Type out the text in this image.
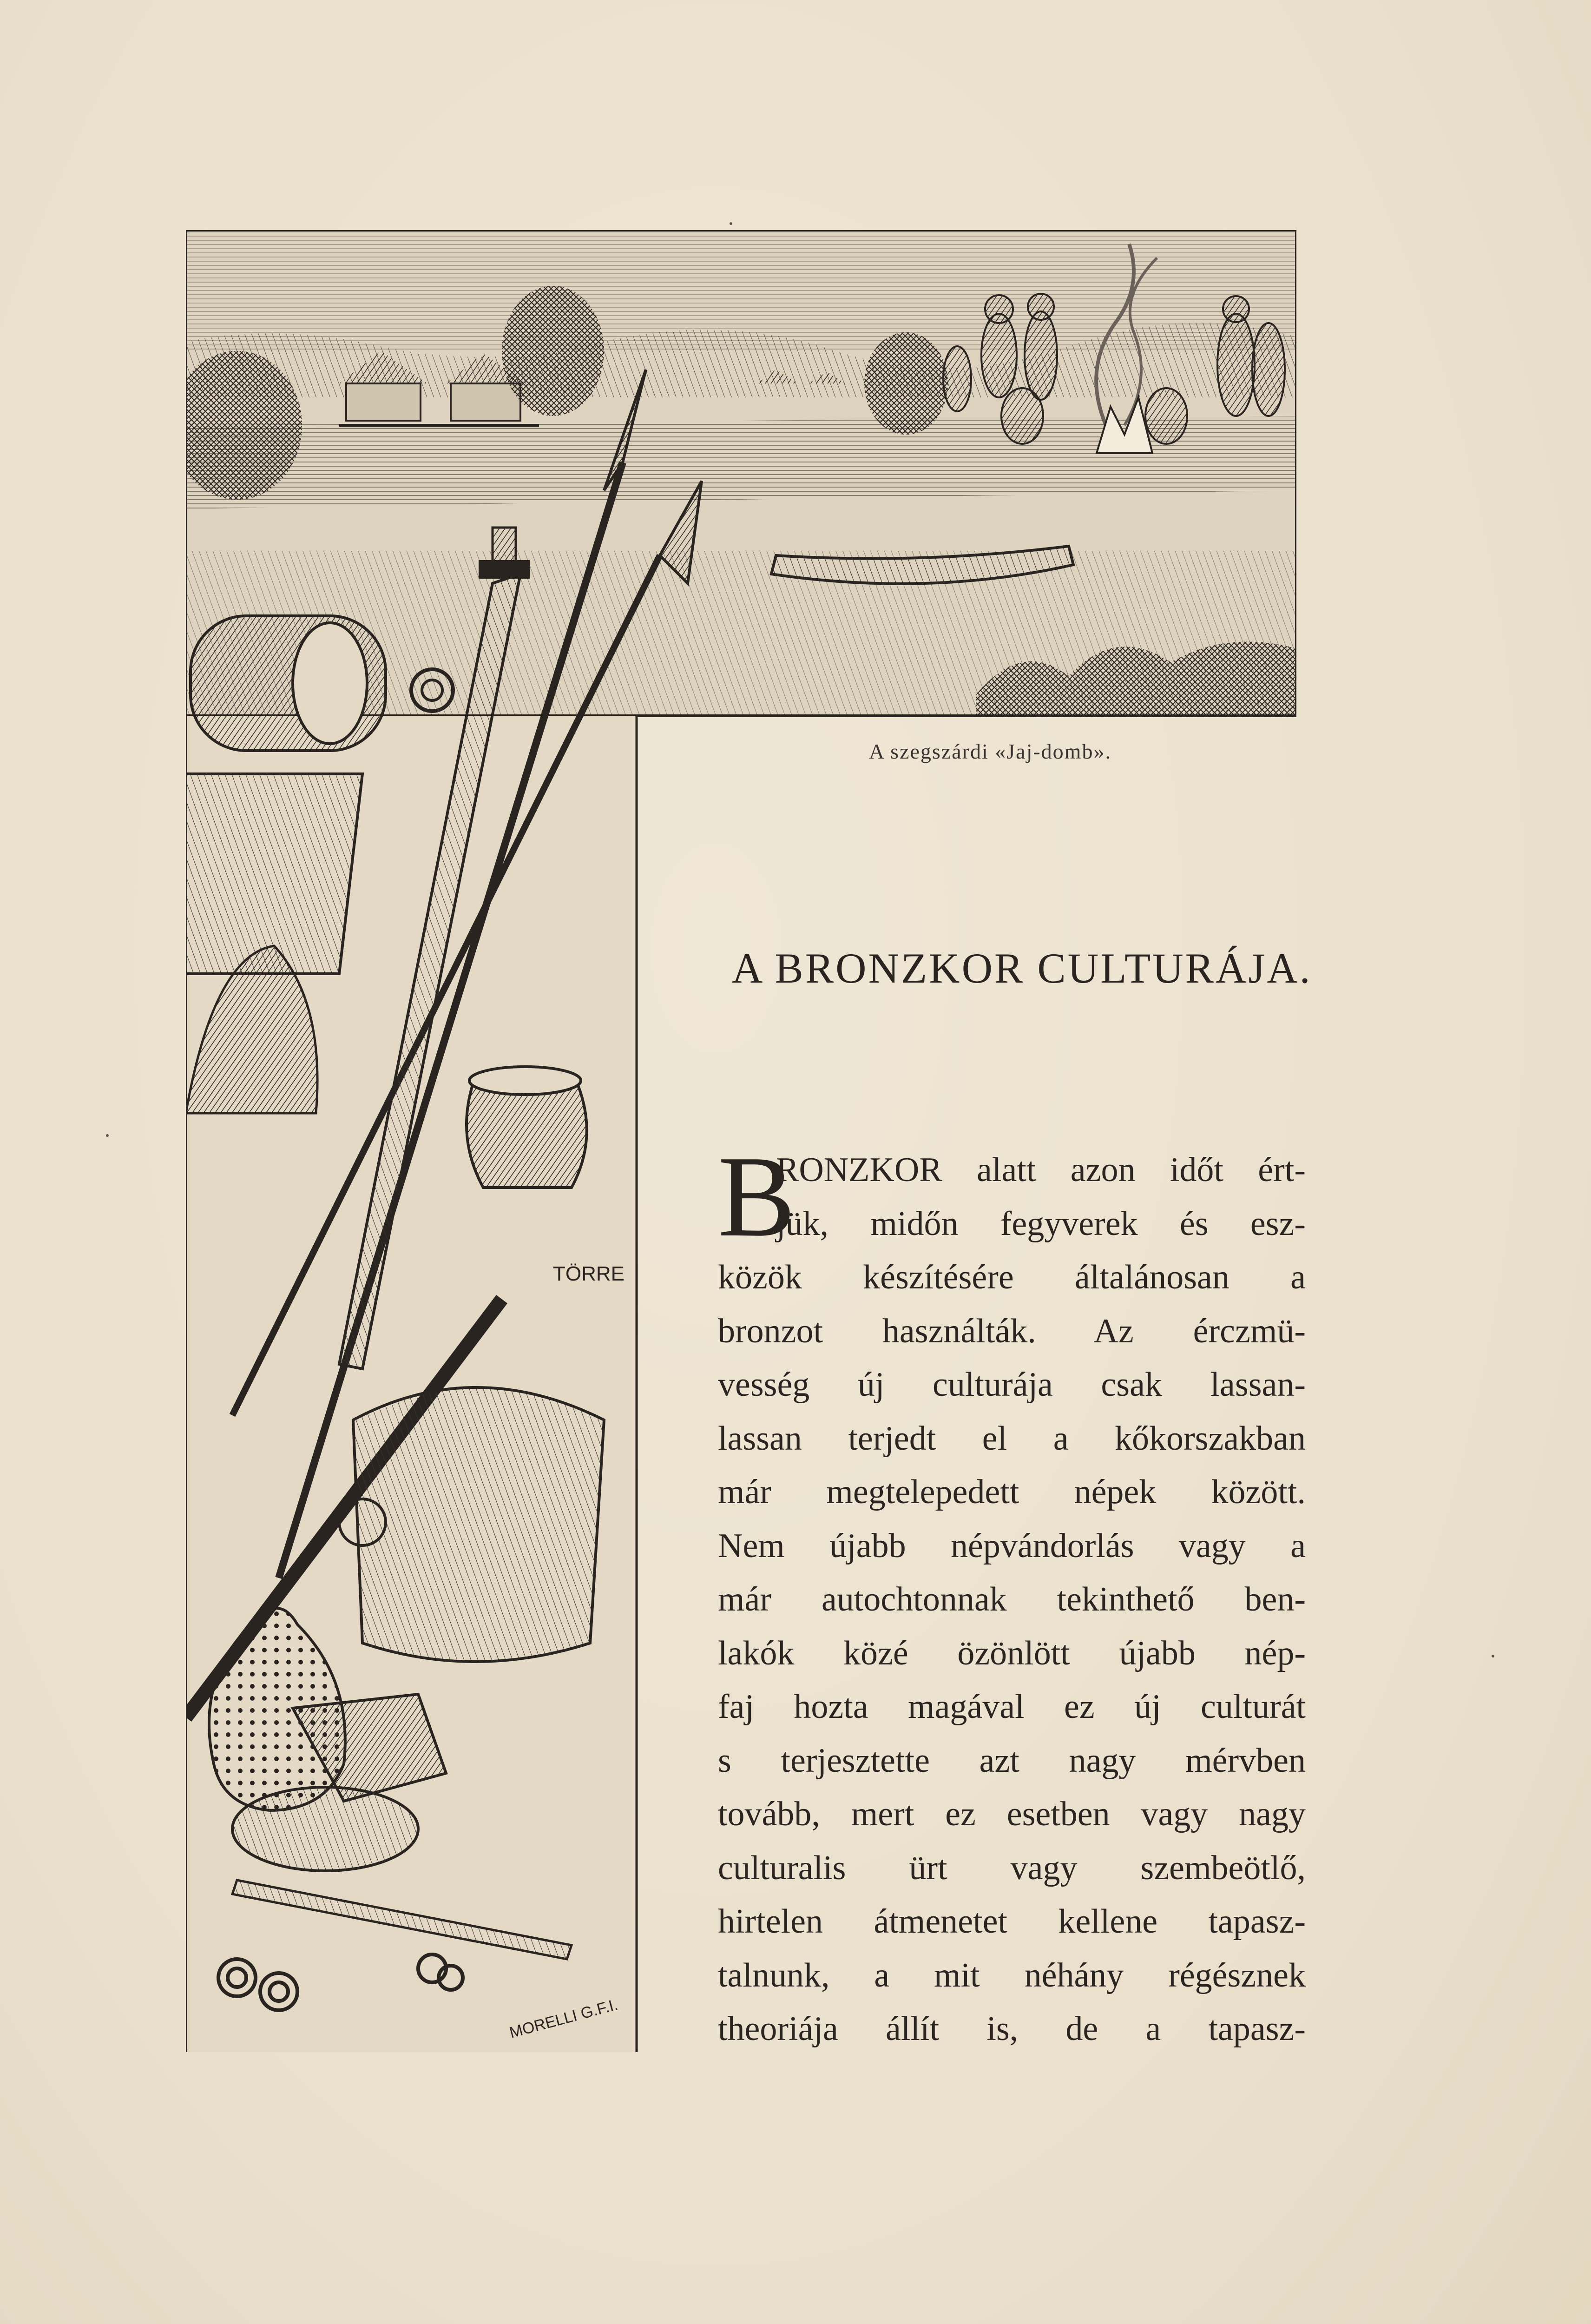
TÖRRE
MORELLI G.F.I.
A szegszárdi «Jaj-domb».
A BRONZKOR CULTURÁJA.
B
RONZKOR alatt azon időt ért-
jük, midőn fegyverek és esz-
közök készítésére általánosan a
bronzot használták. Az érczmü-
vesség új culturája csak lassan-
lassan terjedt el a kőkorszakban
már megtelepedett népek között.
Nem újabb népvándorlás vagy a
már autochtonnak tekinthető ben-
lakók közé özönlött újabb nép-
faj hozta magával ez új culturát
s terjesztette azt nagy mérvben
tovább, mert ez esetben vagy nagy
culturalis ürt vagy szembeötlő,
hirtelen átmenetet kellene tapasz-
talnunk, a mit néhány régésznek
theoriája állít is, de a tapasz-
